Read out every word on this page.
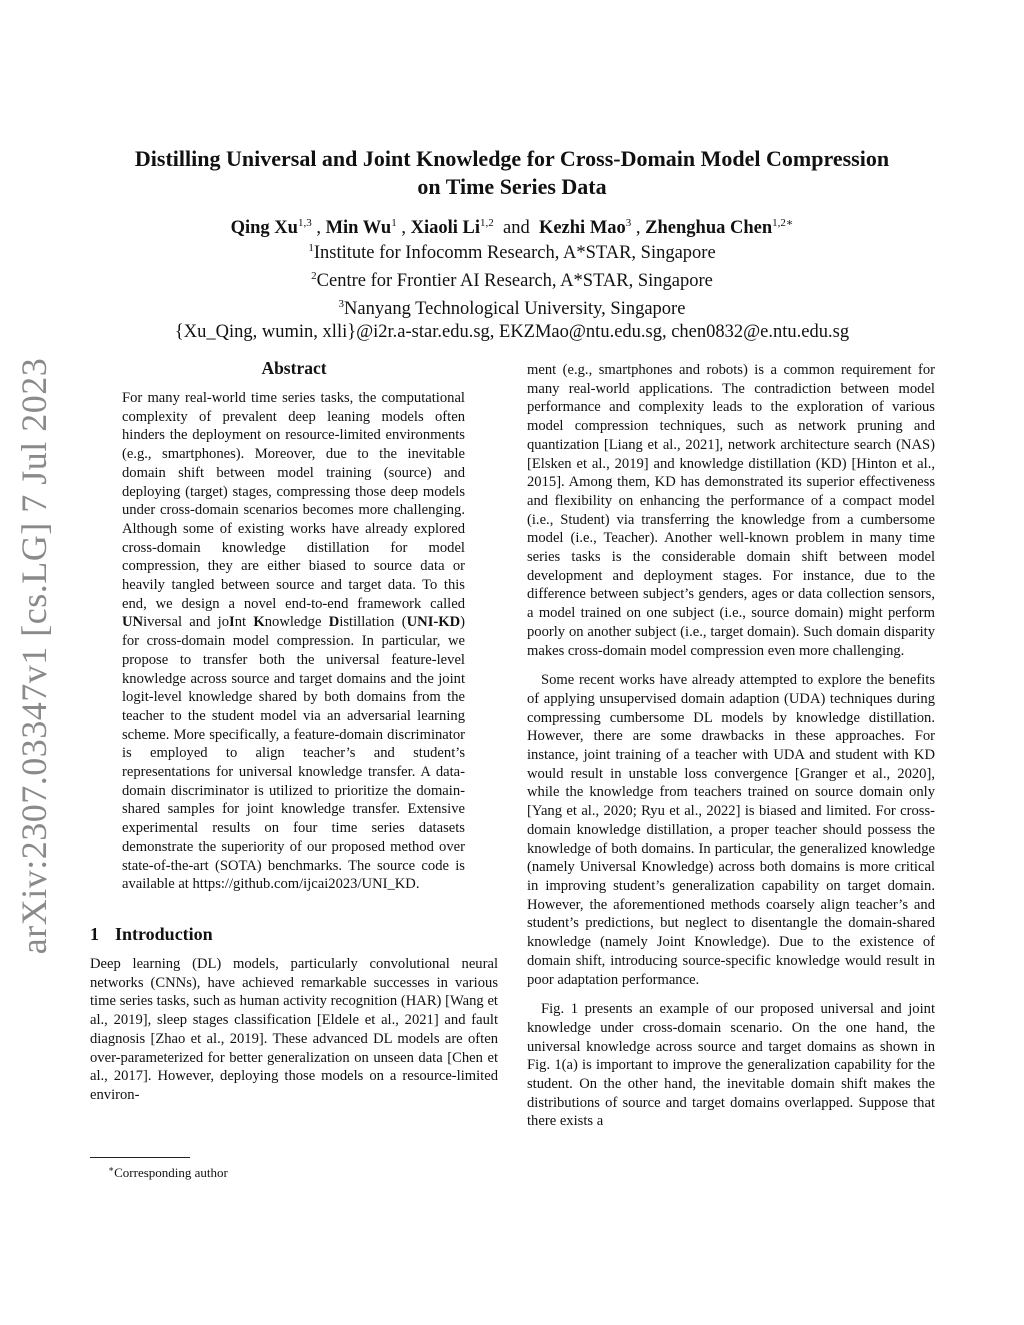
arXiv:2307.03347v1 [cs.LG] 7 Jul 2023
Distilling Universal and Joint Knowledge for Cross-Domain Model Compression
on Time Series Data
Qing Xu$^{1,3}$ , Min Wu$^1$ , Xiaoli Li$^{1,2}$ and Kezhi Mao$^3$ , Zhenghua Chen$^{1,2∗}$
$^1$Institute for Infocomm Research, A*STAR, Singapore
$^2$Centre for Frontier AI Research, A*STAR, Singapore
$^3$Nanyang Technological University, Singapore
{Xu_Qing, wumin, xlli}@i2r.a-star.edu.sg, EKZMao@ntu.edu.sg, chen0832@e.ntu.edu.sg
Abstract
For many real-world time series tasks, the computational complexity of prevalent deep leaning models often hinders the deployment on resource-limited environments (e.g., smartphones). Moreover, due to the inevitable domain shift between model training (source) and deploying (target) stages, compressing those deep models under cross-domain scenarios becomes more challenging. Although some of existing works have already explored cross-domain knowledge distillation for model compression, they are either biased to source data or heavily tangled between source and target data. To this end, we design a novel end-to-end framework called UNiversal and joInt Knowledge Distillation (UNI-KD) for cross-domain model compression. In particular, we propose to transfer both the universal feature-level knowledge across source and target domains and the joint logit-level knowledge shared by both domains from the teacher to the student model via an adversarial learning scheme. More specifically, a feature-domain discriminator is employed to align teacher’s and student’s representations for universal knowledge transfer. A data-domain discriminator is utilized to prioritize the domain-shared samples for joint knowledge transfer. Extensive experimental results on four time series datasets demonstrate the superiority of our proposed method over state-of-the-art (SOTA) benchmarks. The source code is available at https://github.com/ijcai2023/UNI_KD.
1 Introduction

Deep learning (DL) models, particularly convolutional neural networks (CNNs), have achieved remarkable successes in various time series tasks, such as human activity recognition (HAR) [Wang et al., 2019], sleep stages classification [Eldele et al., 2021] and fault diagnosis [Zhao et al., 2019]. These advanced DL models are often over-parameterized for better generalization on unseen data [Chen et al., 2017]. However, deploying those models on a resource-limited environ-

∗Corresponding author

ment (e.g., smartphones and robots) is a common requirement for many real-world applications. The contradiction between model performance and complexity leads to the exploration of various model compression techniques, such as network pruning and quantization [Liang et al., 2021], network architecture search (NAS) [Elsken et al., 2019] and knowledge distillation (KD) [Hinton et al., 2015]. Among them, KD has demonstrated its superior effectiveness and flexibility on enhancing the performance of a compact model (i.e., Student) via transferring the knowledge from a cumbersome model (i.e., Teacher). Another well-known problem in many time series tasks is the considerable domain shift between model development and deployment stages. For instance, due to the difference between subject’s genders, ages or data collection sensors, a model trained on one subject (i.e., source domain) might perform poorly on another subject (i.e., target domain). Such domain disparity makes cross-domain model compression even more challenging.

Some recent works have already attempted to explore the benefits of applying unsupervised domain adaption (UDA) techniques during compressing cumbersome DL models by knowledge distillation. However, there are some drawbacks in these approaches. For instance, joint training of a teacher with UDA and student with KD would result in unstable loss convergence [Granger et al., 2020], while the knowledge from teachers trained on source domain only [Yang et al., 2020; Ryu et al., 2022] is biased and limited. For cross-domain knowledge distillation, a proper teacher should possess the knowledge of both domains. In particular, the generalized knowledge (namely Universal Knowledge) across both domains is more critical in improving student’s generalization capability on target domain. However, the aforementioned methods coarsely align teacher’s and student’s predictions, but neglect to disentangle the domain-shared knowledge (namely Joint Knowledge). Due to the existence of domain shift, introducing source-specific knowledge would result in poor adaptation performance.

Fig. 1 presents an example of our proposed universal and joint knowledge under cross-domain scenario. On the one hand, the universal knowledge across source and target domains as shown in Fig. 1(a) is important to improve the generalization capability for the student. On the other hand, the inevitable domain shift makes the distributions of source and target domains overlapped. Suppose that there exists a
